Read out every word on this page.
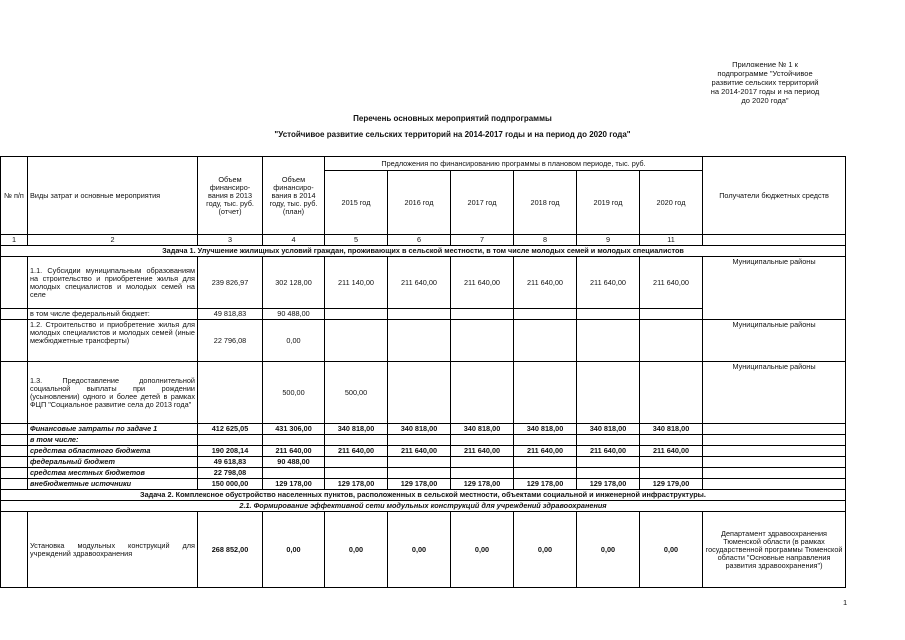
Приложение № 1 к
подпрограмме "Устойчивое
развитие сельских территорий
на 2014-2017 годы и на период
до 2020 года"
Перечень основных мероприятий подпрограммы
"Устойчивое развитие сельских территорий на 2014-2017 годы и на период до 2020 года"
№ п/п	Виды затрат и основные мероприятия	Объем финансиро-вания в 2013 году, тыс. руб. (отчет)	Объем финансиро-вания в 2014 году, тыс. руб. (план)	Предложения по финансированию программы в плановом периоде, тыс. руб.						Получатели бюджетных средств
				2015 год	2016 год	2017 год	2018 год	2019 год	2020 год	
1	2	3	4	5	6	7	8	9	11	
Задача 1. Улучшение жилищных условий граждан, проживающих в сельской местности, в том числе молодых семей и молодых специалистов										
	1.1. Субсидии муниципальным образованиям на строительство и приобретение жилья для молодых специалистов и молодых семей на селе	239 826,97	302 128,00	211 140,00	211 640,00	211 640,00	211 640,00	211 640,00	211 640,00	Муниципальные районы
	в том числе федеральный бюджет:	49 818,83	90 488,00							
	1.2. Строительство и приобретение жилья для молодых специалистов и молодых семей (иные межбюджетные трансферты)	22 796,08	0,00							Муниципальные районы
	1.3. Предоставление дополнительной социальной выплаты при рождении (усыновлении) одного и более детей в рамках ФЦП "Социальное развитие села до 2013 года"		500,00	500,00						Муниципальные районы
	Финансовые затраты по задаче 1	412 625,05	431 306,00	340 818,00	340 818,00	340 818,00	340 818,00	340 818,00	340 818,00	
	в том числе:									
	средства областного бюджета	190 208,14	211 640,00	211 640,00	211 640,00	211 640,00	211 640,00	211 640,00	211 640,00	
	федеральный бюджет	49 618,83	90 488,00							
	средства местных бюджетов	22 798,08								
	внебюджетные источники	150 000,00	129 178,00	129 178,00	129 178,00	129 178,00	129 178,00	129 178,00	129 179,00	
Задача 2. Комплексное обустройство населенных пунктов, расположенных в сельской местности, объектами социальной и инженерной инфраструктуры.										
2.1. Формирование эффективной сети модульных конструкций для учреждений здравоохранения										
	Установка модульных конструкций для учреждений здравоохранения	268 852,00	0,00	0,00	0,00	0,00	0,00	0,00	0,00	Департамент здравоохранения Тюменской области (в рамках государственной программы Тюменской области "Основные направления развития здравоохранения")
1
